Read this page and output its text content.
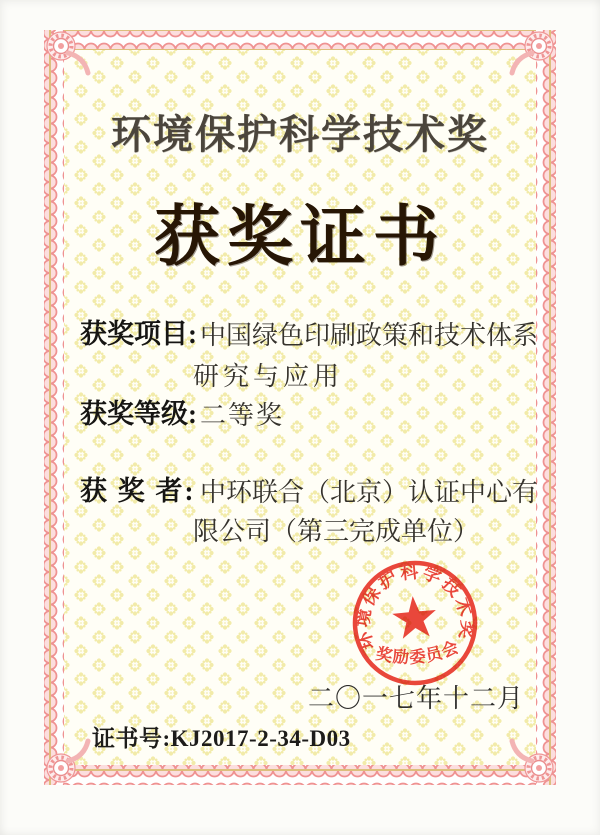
环境保护科学技术奖
获奖证书
获奖项目: 中国绿色印刷政策和技术体系
研究与应用
获奖等级: 二等奖
获 奖 者: 中环联合（北京）认证中心有
限公司（第三完成单位）
二〇一七年十二月
环境保护科学技术奖
奖励委员会
证书号:KJ2017-2-34-D03
